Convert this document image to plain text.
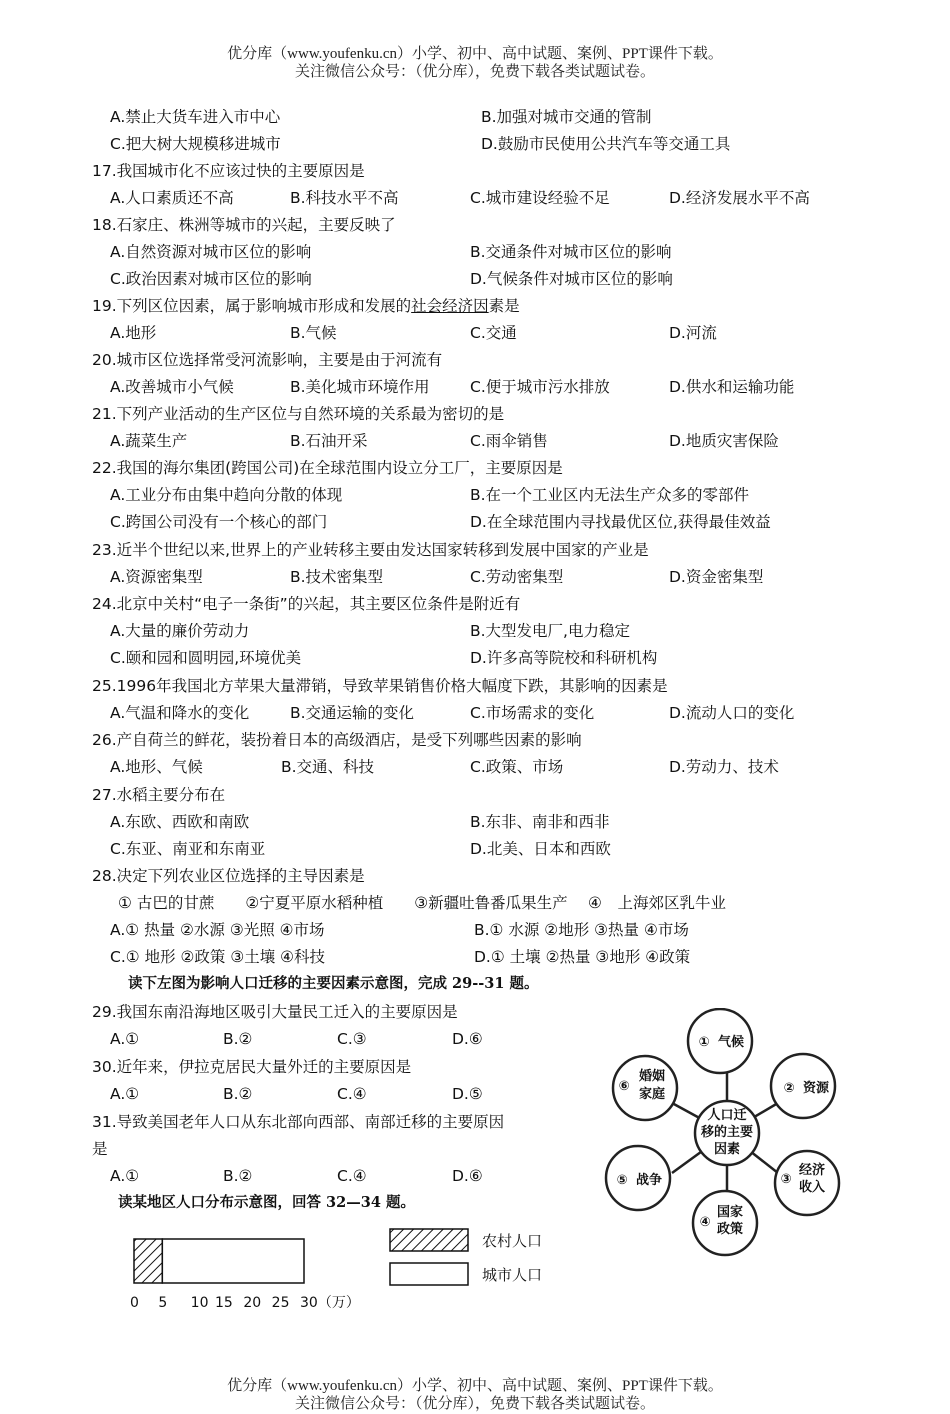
优分库（www.youfenku.cn）小学、初中、高中试题、案例、PPT课件下载。
关注微信公众号：（优分库），免费下载各类试题试卷。
A.禁止大货车进入市中心	B.加强对城市交通的管制
C.把大树大规模移进城市	D.鼓励市民使用公共汽车等交通工具
17.我国城市化不应该过快的主要原因是
A.人口素质还不高	B.科技水平不高	C.城市建设经验不足	D.经济发展水平不高
18.石家庄、株洲等城市的兴起，主要反映了
A.自然资源对城市区位的影响	B.交通条件对城市区位的影响
C.政治因素对城市区位的影响	D.气候条件对城市区位的影响
19.下列区位因素，属于影响城市形成和发展的社会经济因素是
A.地形	B.气候	C.交通	D.河流
20.城市区位选择常受河流影响，主要是由于河流有
A.改善城市小气候	B.美化城市环境作用	C.便于城市污水排放	D.供水和运输功能
21.下列产业活动的生产区位与自然环境的关系最为密切的是
A.蔬菜生产	B.石油开采	C.雨伞销售	D.地质灾害保险
22.我国的海尔集团(跨国公司)在全球范围内设立分工厂，主要原因是
A.工业分布由集中趋向分散的体现	B.在一个工业区内无法生产众多的零部件
C.跨国公司没有一个核心的部门	D.在全球范围内寻找最优区位,获得最佳效益
23.近半个世纪以来,世界上的产业转移主要由发达国家转移到发展中国家的产业是
A.资源密集型	B.技术密集型	C.劳动密集型	D.资金密集型
24.北京中关村“电子一条街”的兴起，其主要区位条件是附近有
A.大量的廉价劳动力	B.大型发电厂,电力稳定
C.颐和园和圆明园,环境优美	D.许多高等院校和科研机构
25.1996年我国北方苹果大量滞销，导致苹果销售价格大幅度下跌，其影响的因素是
A.气温和降水的变化	B.交通运输的变化	C.市场需求的变化	D.流动人口的变化
26.产自荷兰的鲜花，装扮着日本的高级酒店，是受下列哪些因素的影响
A.地形、气候	B.交通、科技	C.政策、市场	D.劳动力、技术
27.水稻主要分布在
A.东欧、西欧和南欧	B.东非、南非和西非
C.东亚、南亚和东南亚	D.北美、日本和西欧
28.决定下列农业区位选择的主导因素是
① 古巴的甘蔗　　②宁夏平原水稻种植　　③新疆吐鲁番瓜果生产　 ④　上海郊区乳牛业
A.① 热量 ②水源 ③光照 ④市场	B.① 水源 ②地形 ③热量 ④市场
C.① 地形 ②政策 ③土壤 ④科技	D.① 土壤 ②热量 ③地形 ④政策
读下左图为影响人口迁移的主要因素示意图，完成 29--31 题。
29.我国东南沿海地区吸引大量民工迁入的主要原因是
A.①	B.②	C.③	D.⑥
30.近年来，伊拉克居民大量外迁的主要原因是
A.①	B.②	C.④	D.⑤
31.导致美国老年人口从东北部向西部、南部迁移的主要原因
是
A.①	B.②	C.④	D.⑥
读某地区人口分布示意图，回答 32—34 题。
人口迁
移的主要
因素
① 气候
② 资源
经济
收入
③
国家
政策
④
⑤ 战争
婚姻
家庭
⑥
0 5 10 15 20 25 30（万）
农村人口
城市人口
优分库（www.youfenku.cn）小学、初中、高中试题、案例、PPT课件下载。
关注微信公众号：（优分库），免费下载各类试题试卷。
